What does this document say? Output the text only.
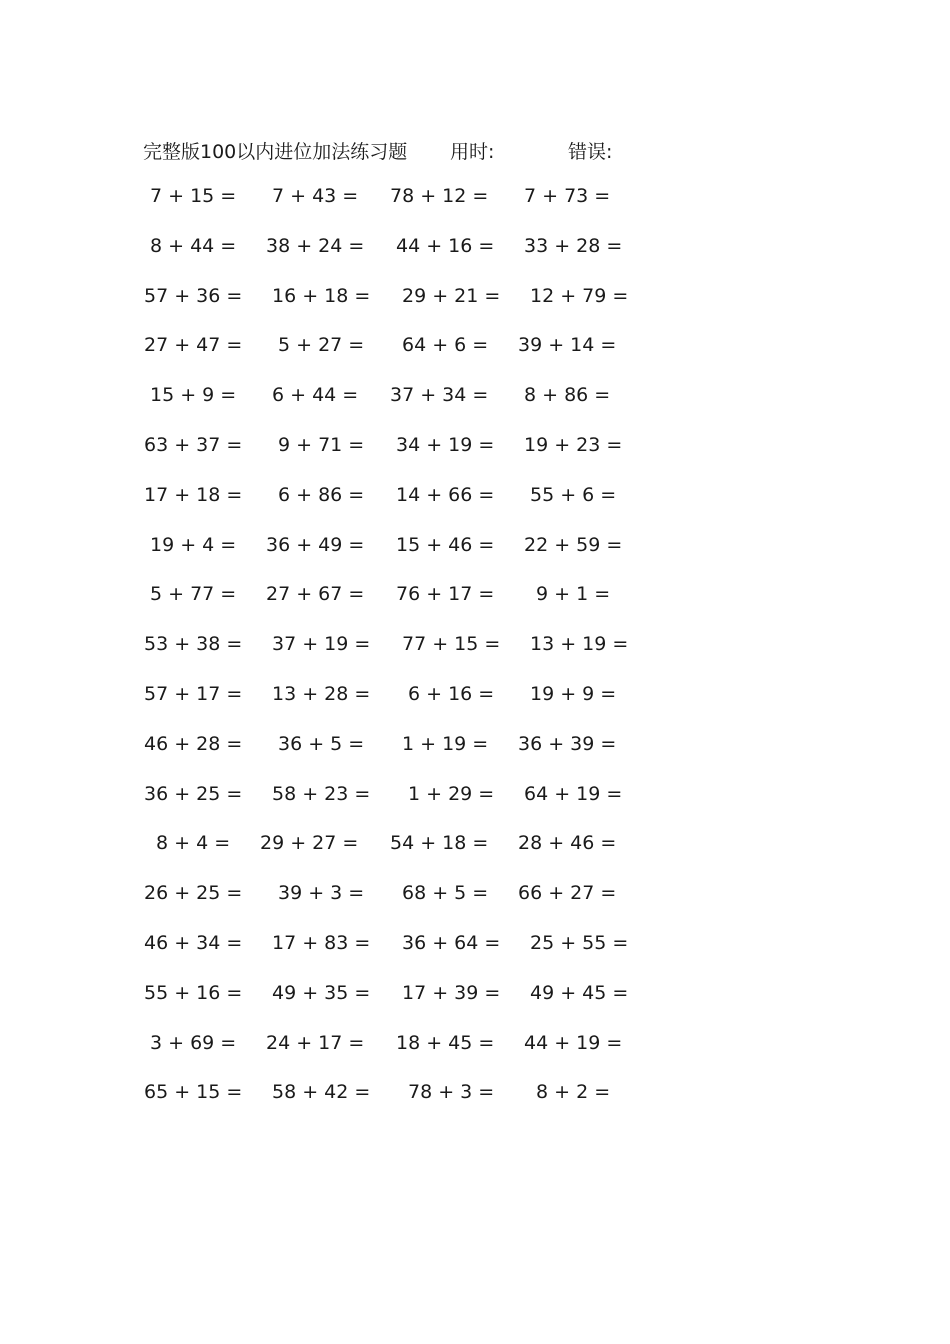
完整版100以内进位加法练习题 用时:	错误:
7 + 15 = 7 + 43 = 78 + 12 = 7 + 73 =
8 + 44 = 38 + 24 = 44 + 16 = 33 + 28 =
57 + 36 = 16 + 18 = 29 + 21 = 12 + 79 =
27 + 47 = 5 + 27 = 64 + 6 = 39 + 14 =
15 + 9 = 6 + 44 = 37 + 34 = 8 + 86 =
63 + 37 = 9 + 71 = 34 + 19 = 19 + 23 =
17 + 18 = 6 + 86 = 14 + 66 = 55 + 6 =
19 + 4 = 36 + 49 = 15 + 46 = 22 + 59 =
5 + 77 = 27 + 67 = 76 + 17 = 9 + 1 =
53 + 38 = 37 + 19 = 77 + 15 = 13 + 19 =
57 + 17 = 13 + 28 = 6 + 16 = 19 + 9 =
46 + 28 = 36 + 5 = 1 + 19 = 36 + 39 =
36 + 25 = 58 + 23 = 1 + 29 = 64 + 19 =
8 + 4 = 29 + 27 = 54 + 18 = 28 + 46 =
26 + 25 = 39 + 3 = 68 + 5 = 66 + 27 =
46 + 34 = 17 + 83 = 36 + 64 = 25 + 55 =
55 + 16 = 49 + 35 = 17 + 39 = 49 + 45 =
3 + 69 = 24 + 17 = 18 + 45 = 44 + 19 =
65 + 15 = 58 + 42 = 78 + 3 = 8 + 2 =
